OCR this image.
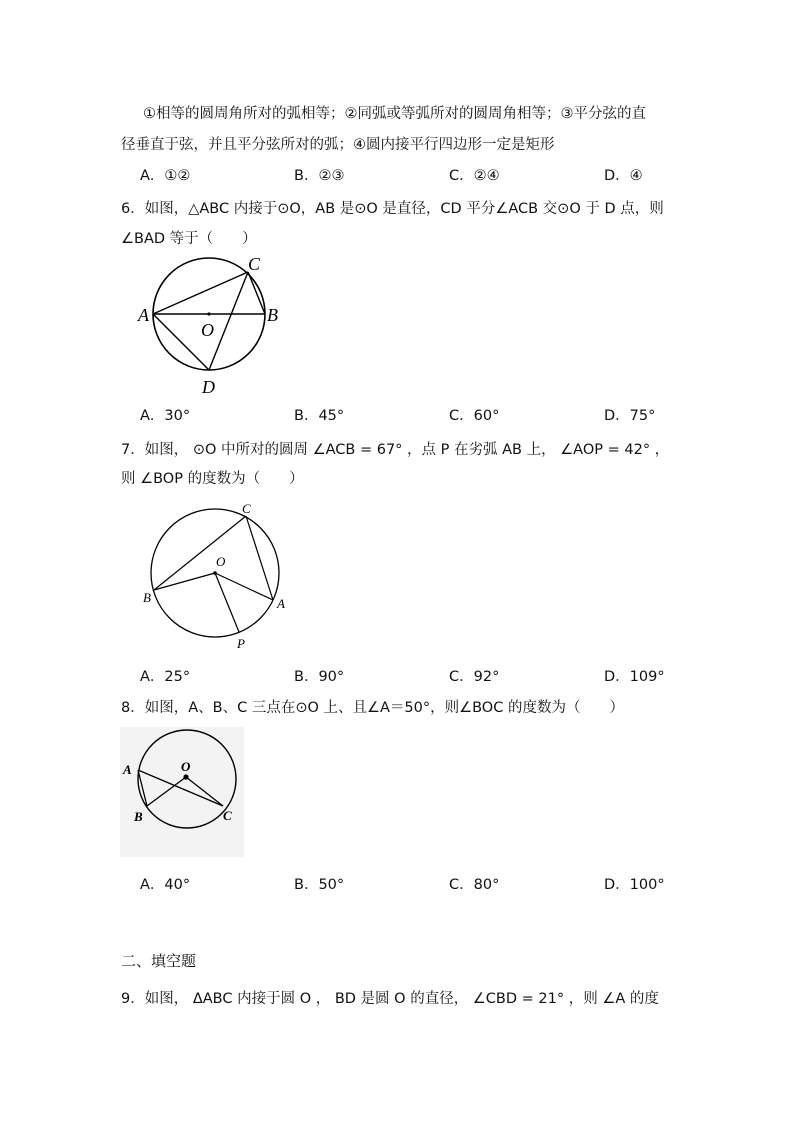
①相等的圆周角所对的弧相等；②同弧或等弧所对的圆周角相等；③平分弦的直
径垂直于弦，并且平分弦所对的弧；④圆内接平行四边形一定是矩形
A．①②	B．②③	C．②④	D．④
6．如图，△ABC 内接于⊙O，AB 是⊙O 是直径，CD 平分∠ACB 交⊙O 于 D 点，则
∠BAD 等于（　　）
A	B
C
D
O
A．30°	B．45°	C．60°	D．75°
7．如图， ⊙O 中所对的圆周 ∠ACB = 67° ，点 P 在劣弧 AB 上， ∠AOP = 42° ，
则 ∠BOP 的度数为（　　）
A
B
C
O
P
A．25°	B．90°	C．92°	D．109°
8．如图，A、B、C 三点在⊙O 上、且∠A＝50°，则∠BOC 的度数为（　　）
A
B	C
O
A．40°	B．50°	C．80°	D．100°
二、填空题
9．如图， ΔABC 内接于圆 O ， BD 是圆 O 的直径， ∠CBD = 21° ，则 ∠A 的度
